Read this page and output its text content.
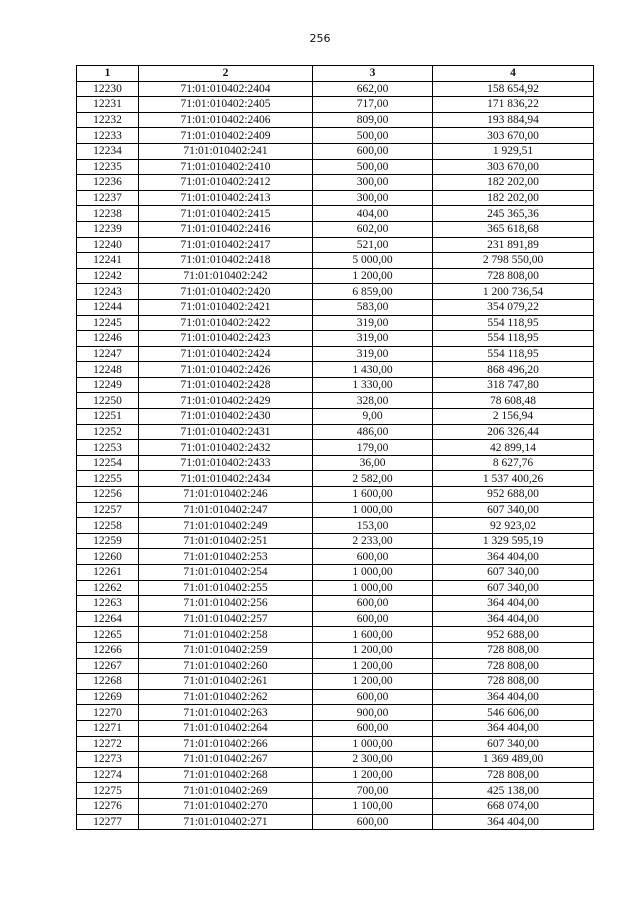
256
1	2	3	4
12230	71:01:010402:2404	662,00	158 654,92
12231	71:01:010402:2405	717,00	171 836,22
12232	71:01:010402:2406	809,00	193 884,94
12233	71:01:010402:2409	500,00	303 670,00
12234	71:01:010402:241	600,00	1 929,51
12235	71:01:010402:2410	500,00	303 670,00
12236	71:01:010402:2412	300,00	182 202,00
12237	71:01:010402:2413	300,00	182 202,00
12238	71:01:010402:2415	404,00	245 365,36
12239	71:01:010402:2416	602,00	365 618,68
12240	71:01:010402:2417	521,00	231 891,89
12241	71:01:010402:2418	5 000,00	2 798 550,00
12242	71:01:010402:242	1 200,00	728 808,00
12243	71:01:010402:2420	6 859,00	1 200 736,54
12244	71:01:010402:2421	583,00	354 079,22
12245	71:01:010402:2422	319,00	554 118,95
12246	71:01:010402:2423	319,00	554 118,95
12247	71:01:010402:2424	319,00	554 118,95
12248	71:01:010402:2426	1 430,00	868 496,20
12249	71:01:010402:2428	1 330,00	318 747,80
12250	71:01:010402:2429	328,00	78 608,48
12251	71:01:010402:2430	9,00	2 156,94
12252	71:01:010402:2431	486,00	206 326,44
12253	71:01:010402:2432	179,00	42 899,14
12254	71:01:010402:2433	36,00	8 627,76
12255	71:01:010402:2434	2 582,00	1 537 400,26
12256	71:01:010402:246	1 600,00	952 688,00
12257	71:01:010402:247	1 000,00	607 340,00
12258	71:01:010402:249	153,00	92 923,02
12259	71:01:010402:251	2 233,00	1 329 595,19
12260	71:01:010402:253	600,00	364 404,00
12261	71:01:010402:254	1 000,00	607 340,00
12262	71:01:010402:255	1 000,00	607 340,00
12263	71:01:010402:256	600,00	364 404,00
12264	71:01:010402:257	600,00	364 404,00
12265	71:01:010402:258	1 600,00	952 688,00
12266	71:01:010402:259	1 200,00	728 808,00
12267	71:01:010402:260	1 200,00	728 808,00
12268	71:01:010402:261	1 200,00	728 808,00
12269	71:01:010402:262	600,00	364 404,00
12270	71:01:010402:263	900,00	546 606,00
12271	71:01:010402:264	600,00	364 404,00
12272	71:01:010402:266	1 000,00	607 340,00
12273	71:01:010402:267	2 300,00	1 369 489,00
12274	71:01:010402:268	1 200,00	728 808,00
12275	71:01:010402:269	700,00	425 138,00
12276	71:01:010402:270	1 100,00	668 074,00
12277	71:01:010402:271	600,00	364 404,00
